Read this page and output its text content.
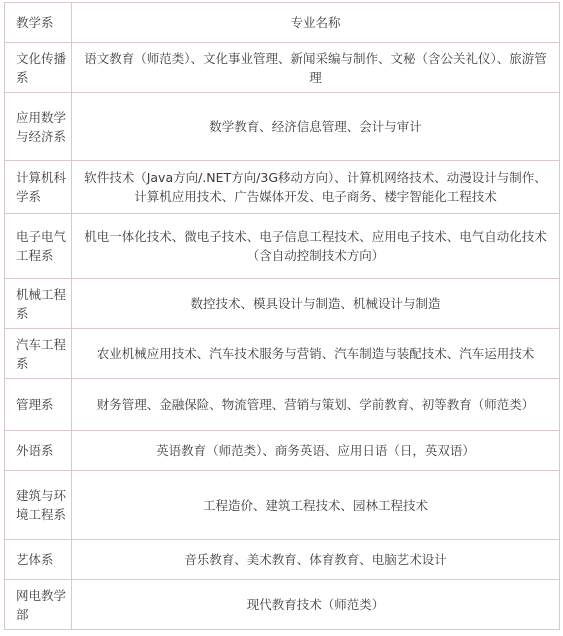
教学系	专业名称
文化传播系	语文教育（师范类）、文化事业管理、新闻采编与制作、文秘（含公关礼仪）、旅游管理
应用数学与经济系	数学教育、经济信息管理、会计与审计
计算机科学系	软件技术（Java方向/.NET方向/3G移动方向）、计算机网络技术、动漫设计与制作、计算机应用技术、广告媒体开发、电子商务、楼宇智能化工程技术
电子电气工程系	机电一体化技术、微电子技术、电子信息工程技术、应用电子技术、电气自动化技术（含自动控制技术方向）
机械工程系	数控技术、模具设计与制造、机械设计与制造
汽车工程系	农业机械应用技术、汽车技术服务与营销、汽车制造与装配技术、汽车运用技术
管理系	财务管理、金融保险、物流管理、营销与策划、学前教育、初等教育（师范类）
外语系	英语教育（师范类）、商务英语、应用日语（日，英双语）
建筑与环境工程系	工程造价、建筑工程技术、园林工程技术
艺体系	音乐教育、美术教育、体育教育、电脑艺术设计
网电教学部	现代教育技术（师范类）
